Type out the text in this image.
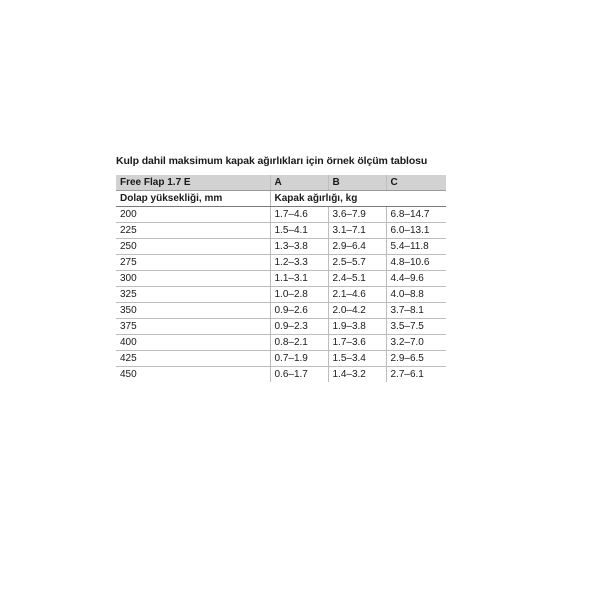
Kulp dahil maksimum kapak ağırlıkları için örnek ölçüm tablosu
Free Flap 1.7 E	A	B	C
Dolap yüksekliği, mm	Kapak ağırlığı, kg		
200	1.7–4.6	3.6–7.9	6.8–14.7
225	1.5–4.1	3.1–7.1	6.0–13.1
250	1.3–3.8	2.9–6.4	5.4–11.8
275	1.2–3.3	2.5–5.7	4.8–10.6
300	1.1–3.1	2.4–5.1	4.4–9.6
325	1.0–2.8	2.1–4.6	4.0–8.8
350	0.9–2.6	2.0–4.2	3.7–8.1
375	0.9–2.3	1.9–3.8	3.5–7.5
400	0.8–2.1	1.7–3.6	3.2–7.0
425	0.7–1.9	1.5–3.4	2.9–6.5
450	0.6–1.7	1.4–3.2	2.7–6.1
